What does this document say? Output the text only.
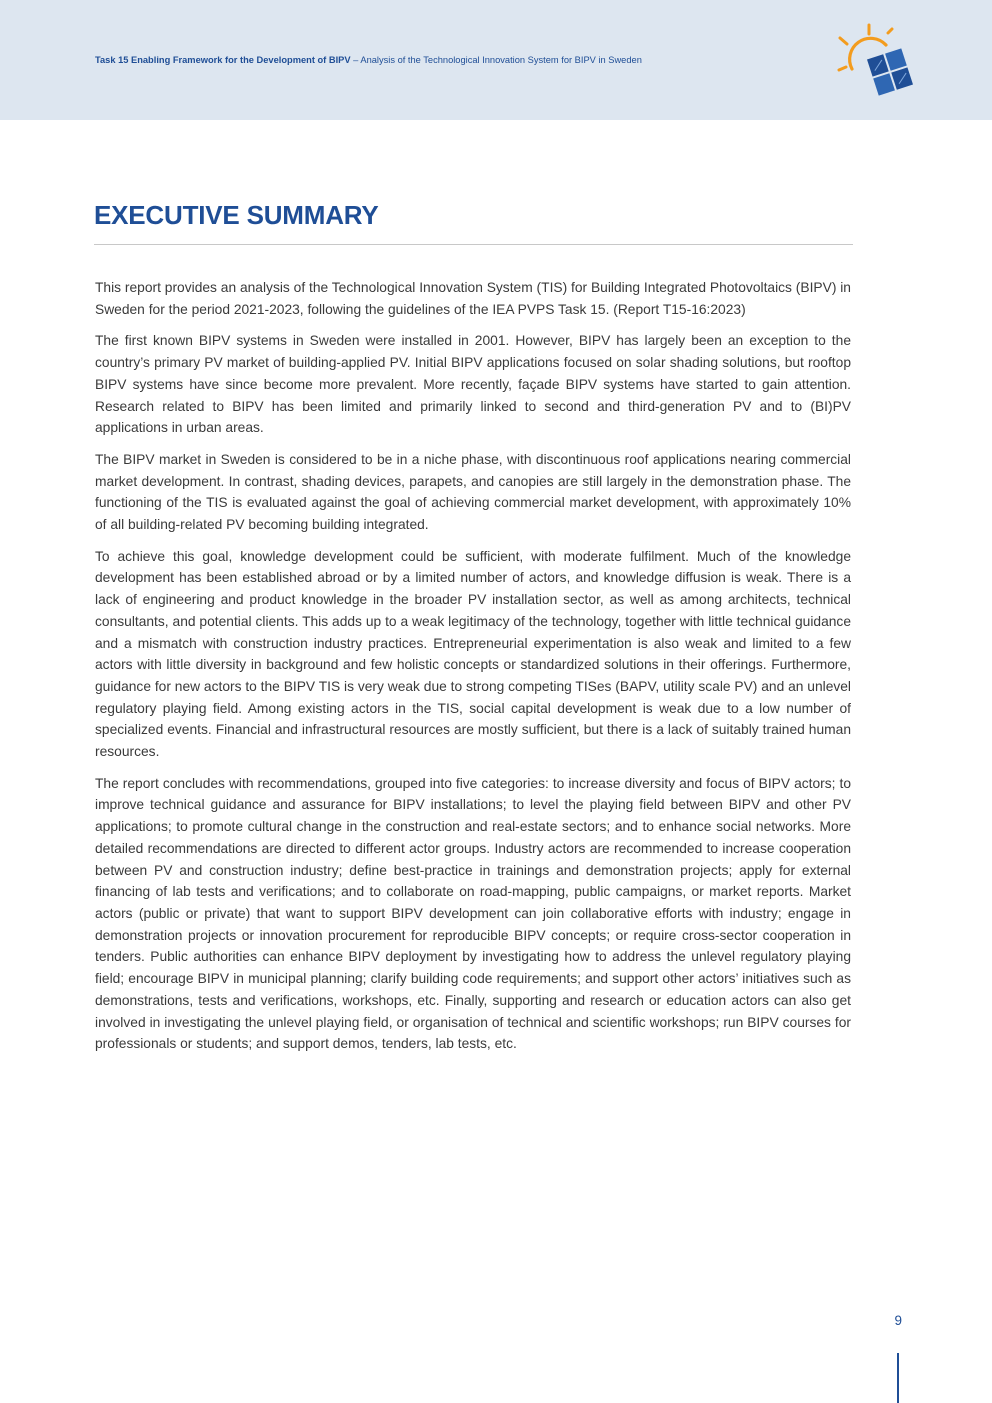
Task 15 Enabling Framework for the Development of BIPV – Analysis of the Technological Innovation System for BIPV in Sweden
EXECUTIVE SUMMARY

This report provides an analysis of the Technological Innovation System (TIS) for Building Integrated Photovoltaics (BIPV) in Sweden for the period 2021-2023, following the guidelines of the IEA PVPS Task 15. (Report T15-16:2023)

The first known BIPV systems in Sweden were installed in 2001. However, BIPV has largely been an exception to the country’s primary PV market of building-applied PV. Initial BIPV applications focused on solar shading solutions, but rooftop BIPV systems have since become more prevalent. More recently, façade BIPV systems have started to gain attention. Research related to BIPV has been limited and primarily linked to second and third-generation PV and to (BI)PV applications in urban areas.

The BIPV market in Sweden is considered to be in a niche phase, with discontinuous roof applications nearing commercial market development. In contrast, shading devices, parapets, and canopies are still largely in the demonstration phase. The functioning of the TIS is evaluated against the goal of achieving commercial market development, with approximately 10% of all building-related PV becoming building integrated.

To achieve this goal, knowledge development could be sufficient, with moderate fulfilment. Much of the knowledge development has been established abroad or by a limited number of actors, and knowledge diffusion is weak. There is a lack of engineering and product knowledge in the broader PV installation sector, as well as among architects, technical consultants, and potential clients. This adds up to a weak legitimacy of the technology, together with little technical guidance and a mismatch with construction industry practices. Entrepreneurial experimentation is also weak and limited to a few actors with little diversity in background and few holistic concepts or standardized solutions in their offerings. Furthermore, guidance for new actors to the BIPV TIS is very weak due to strong competing TISes (BAPV, utility scale PV) and an unlevel regulatory playing field. Among existing actors in the TIS, social capital development is weak due to a low number of specialized events. Financial and infrastructural resources are mostly sufficient, but there is a lack of suitably trained human resources.

The report concludes with recommendations, grouped into five categories: to increase diversity and focus of BIPV actors; to improve technical guidance and assurance for BIPV installations; to level the playing field between BIPV and other PV applications; to promote cultural change in the construction and real-estate sectors; and to enhance social networks. More detailed recommendations are directed to different actor groups. Industry actors are recommended to increase cooperation between PV and construction industry; define best-practice in trainings and demonstration projects; apply for external financing of lab tests and verifications; and to collaborate on road-mapping, public campaigns, or market reports. Market actors (public or private) that want to support BIPV development can join collaborative efforts with industry; engage in demonstration projects or innovation procurement for reproducible BIPV concepts; or require cross-sector cooperation in tenders. Public authorities can enhance BIPV deployment by investigating how to address the unlevel regulatory playing field; encourage BIPV in municipal planning; clarify building code requirements; and support other actors’ initiatives such as demonstrations, tests and verifications, workshops, etc. Finally, supporting and research or education actors can also get involved in investigating the unlevel playing field, or organisation of technical and scientific workshops; run BIPV courses for professionals or students; and support demos, tenders, lab tests, etc.

9
